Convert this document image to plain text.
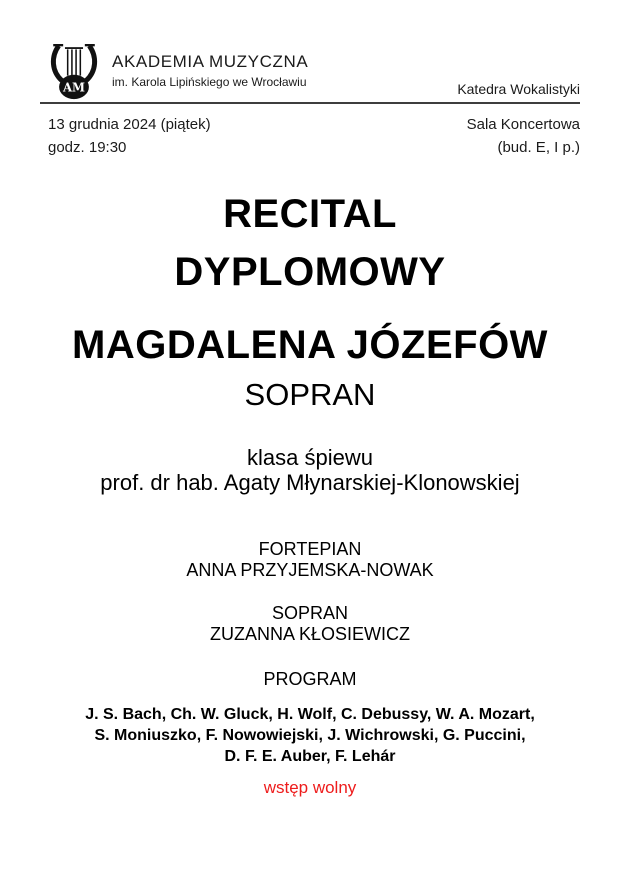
AM
AKADEMIA MUZYCZNA
im. Karola Lipińskiego we Wrocławiu	Katedra Wokalistyki
13 grudnia 2024 (piątek)
godz. 19:30
Sala Koncertowa
(bud. E, I p.)
RECITAL
DYPLOMOWY
MAGDALENA JÓZEFÓW
SOPRAN
klasa śpiewu
prof. dr hab. Agaty Młynarskiej-Klonowskiej
FORTEPIAN
ANNA PRZYJEMSKA-NOWAK
SOPRAN
ZUZANNA KŁOSIEWICZ
PROGRAM
J. S. Bach, Ch. W. Gluck, H. Wolf, C. Debussy, W. A. Mozart,
S. Moniuszko, F. Nowowiejski, J. Wichrowski, G. Puccini,
D. F. E. Auber, F. Lehár
wstęp wolny
